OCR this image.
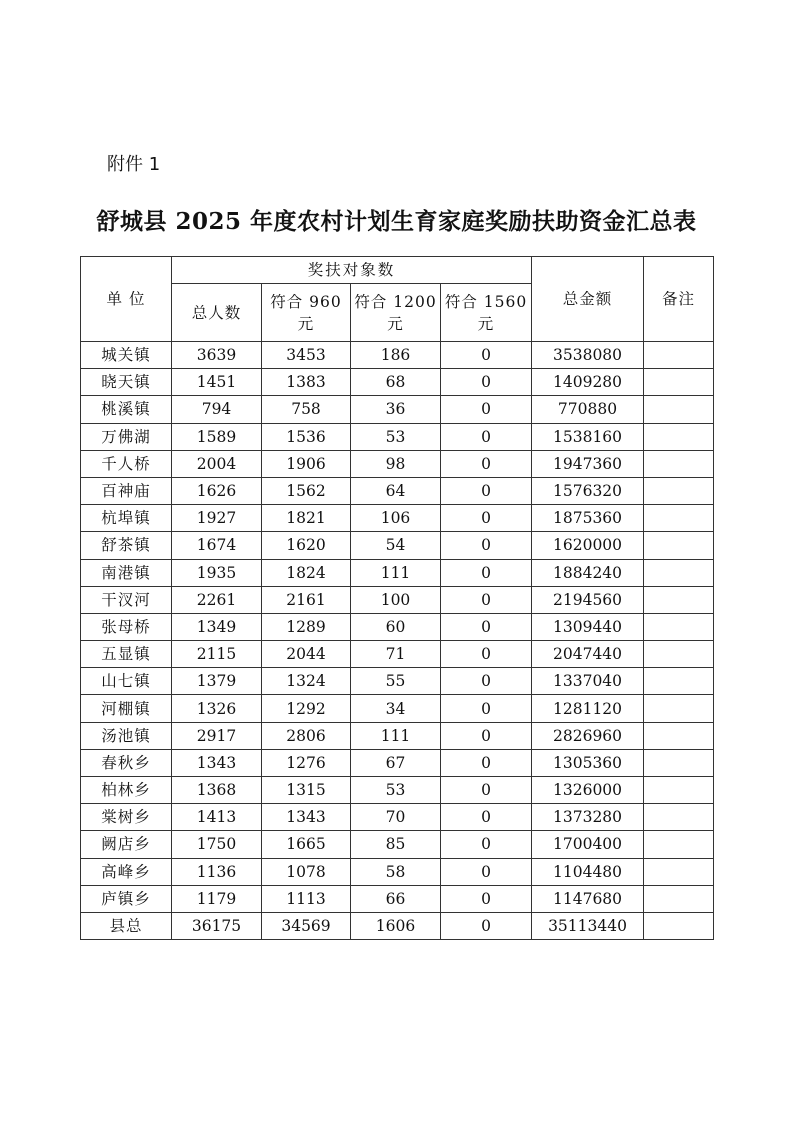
附件 1
舒城县 2025 年度农村计划生育家庭奖励扶助资金汇总表
单 位	奖扶对象数				总金额	备注
	总人数	符合 960 元	符合 1200 元	符合 1560 元		
城关镇	3639	3453	186	0	3538080	
晓天镇	1451	1383	68	0	1409280	
桃溪镇	794	758	36	0	770880	
万佛湖	1589	1536	53	0	1538160	
千人桥	2004	1906	98	0	1947360	
百神庙	1626	1562	64	0	1576320	
杭埠镇	1927	1821	106	0	1875360	
舒茶镇	1674	1620	54	0	1620000	
南港镇	1935	1824	111	0	1884240	
干汊河	2261	2161	100	0	2194560	
张母桥	1349	1289	60	0	1309440	
五显镇	2115	2044	71	0	2047440	
山七镇	1379	1324	55	0	1337040	
河棚镇	1326	1292	34	0	1281120	
汤池镇	2917	2806	111	0	2826960	
春秋乡	1343	1276	67	0	1305360	
柏林乡	1368	1315	53	0	1326000	
棠树乡	1413	1343	70	0	1373280	
阙店乡	1750	1665	85	0	1700400	
高峰乡	1136	1078	58	0	1104480	
庐镇乡	1179	1113	66	0	1147680	
县总	36175	34569	1606	0	35113440	
